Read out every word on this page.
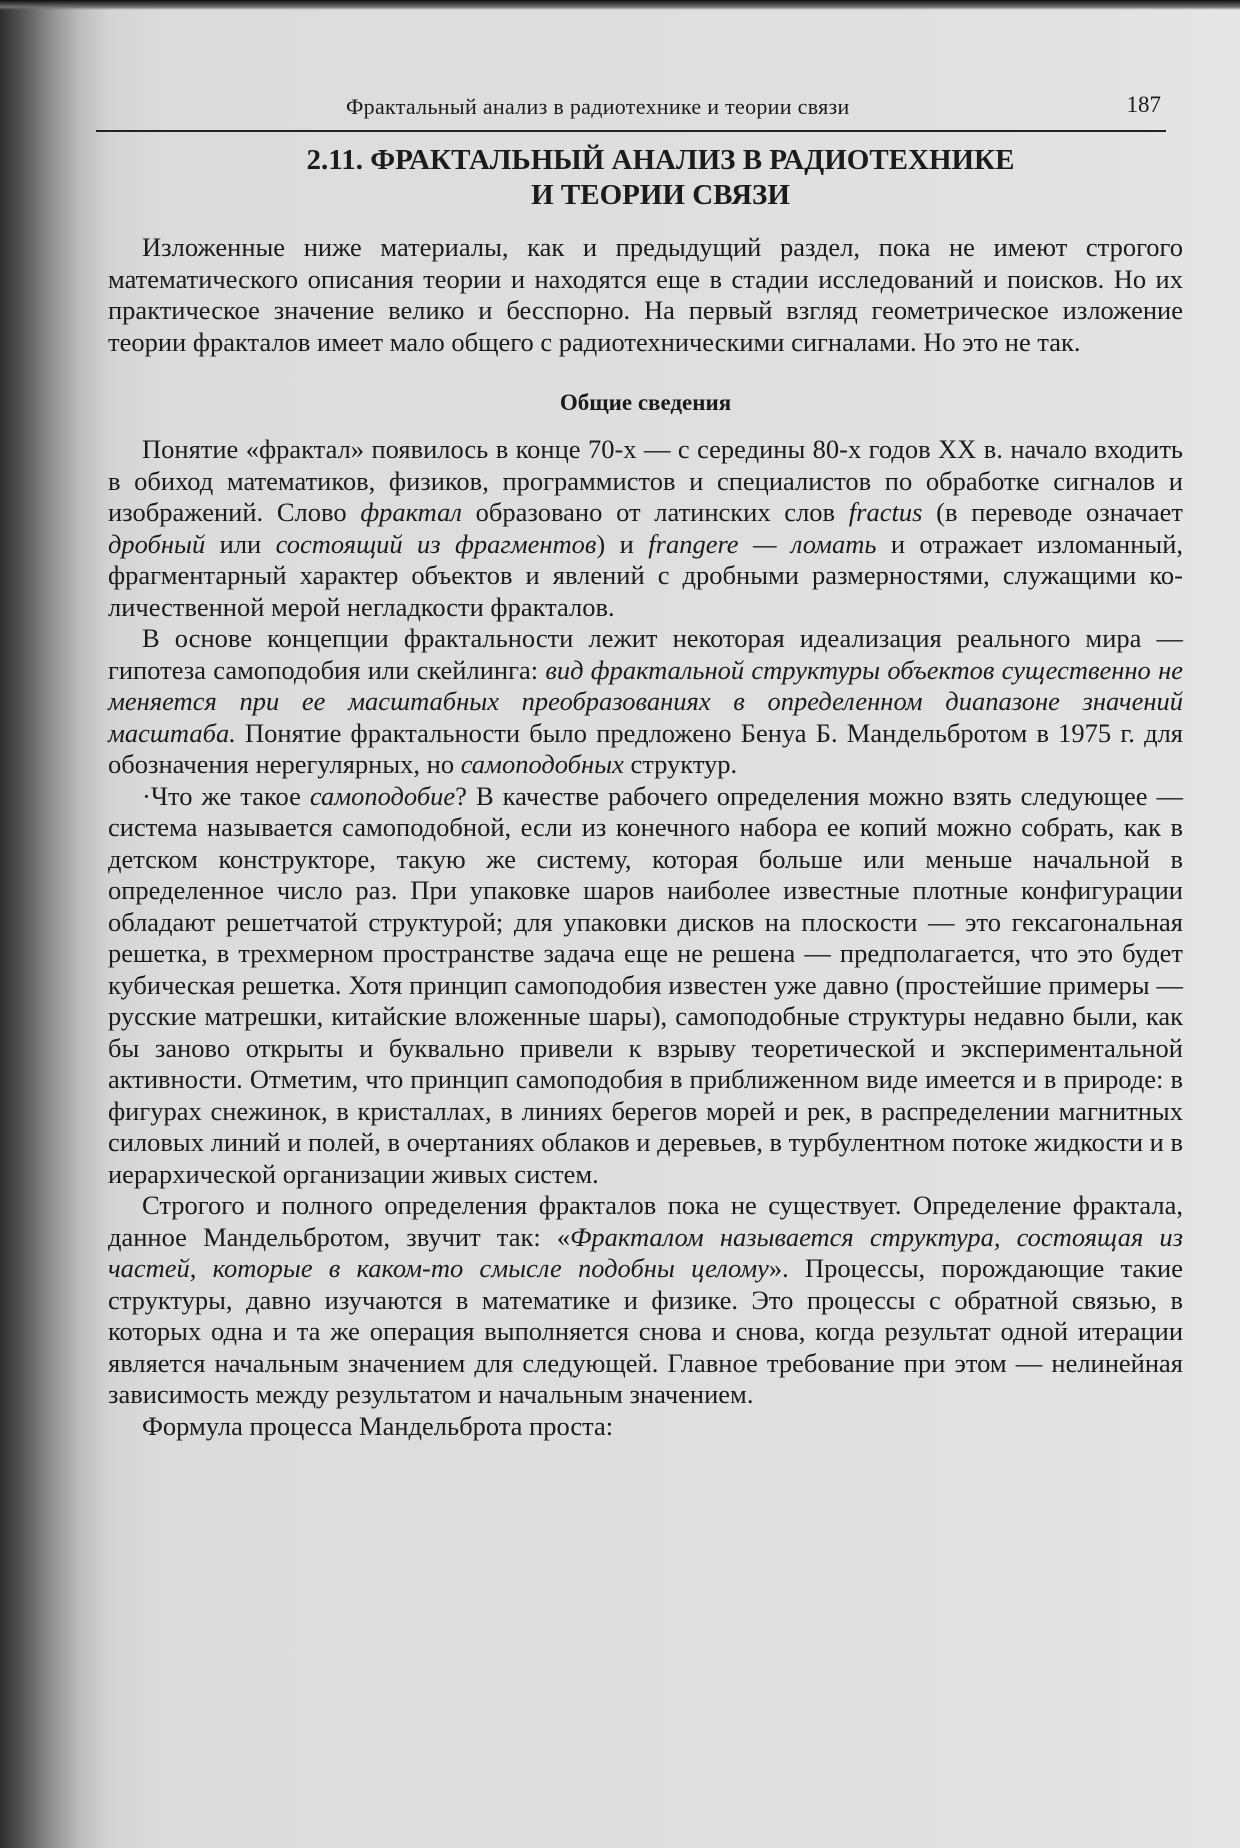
Фрактальный анализ в радиотехнике и теории связи	187
2.11. ФРАКТАЛЬНЫЙ АНАЛИЗ В РАДИОТЕХНИКЕ
И ТЕОРИИ СВЯЗИ

Изложенные ниже материалы, как и предыдущий раздел, пока не имеют строгого математического описания теории и находятся еще в стадии исследований и поисков. Но их практическое значение велико и бесспорно. На первый взгляд геометрическое изложение теории фракталов имеет мало общего с радиотехническими сигналами. Но это не так.

Общие сведения

Понятие «фрактал» появилось в конце 70-х — с середины 80-х годов XX в. начало входить в обиход математиков, физиков, программистов и специалистов по обработке сигналов и изображений. Слово фрактал образовано от латинских слов fractus (в переводе означает дробный или состоящий из фрагментов) и frangere — ломать и отражает изломанный, фрагментарный характер объектов и явлений с дробными размерностями, служащими количественной мерой негладкости фракталов.

В основе концепции фрактальности лежит некоторая идеализация реального мира — гипотеза самоподобия или скейлинга: вид фрактальной структуры объектов существенно не меняется при ее масштабных преобразованиях в определенном диапазоне значений масштаба. Понятие фрактальности было предложено Бенуа Б. Мандельбротом в 1975 г. для обозначения нерегулярных, но самоподобных структур.

·Что же такое самоподобие? В качестве рабочего определения можно взять следующее — система называется самоподобной, если из конечного набора ее копий можно собрать, как в детском конструкторе, такую же систему, которая больше или меньше начальной в определенное число раз. При упаковке шаров наиболее известные плотные конфигурации обладают решетчатой структурой; для упаковки дисков на плоскости — это гексагональная решетка, в трехмерном пространстве задача еще не решена — предполагается, что это будет кубическая решетка. Хотя принцип самоподобия известен уже давно (простейшие примеры — русские матрешки, китайские вложенные шары), самоподобные структуры недавно были, как бы заново открыты и буквально привели к взрыву теоретической и экспериментальной активности. Отметим, что принцип самоподобия в приближенном виде имеется и в природе: в фигурах снежинок, в кристаллах, в линиях берегов морей и рек, в распределении магнитных силовых линий и полей, в очертаниях облаков и деревьев, в турбулентном потоке жидкости и в иерархической организации живых систем.

Строгого и полного определения фракталов пока не существует. Определение фрактала, данное Мандельбротом, звучит так: «Фракталом называется структура, состоящая из частей, которые в каком-то смысле подобны целому». Процессы, порождающие такие структуры, давно изучаются в математике и физике. Это процессы с обратной связью, в которых одна и та же операция выполняется снова и снова, когда результат одной итерации является начальным значением для следующей. Главное требование при этом — нелинейная зависимость между результатом и начальным значением.

Формула процесса Мандельброта проста:
